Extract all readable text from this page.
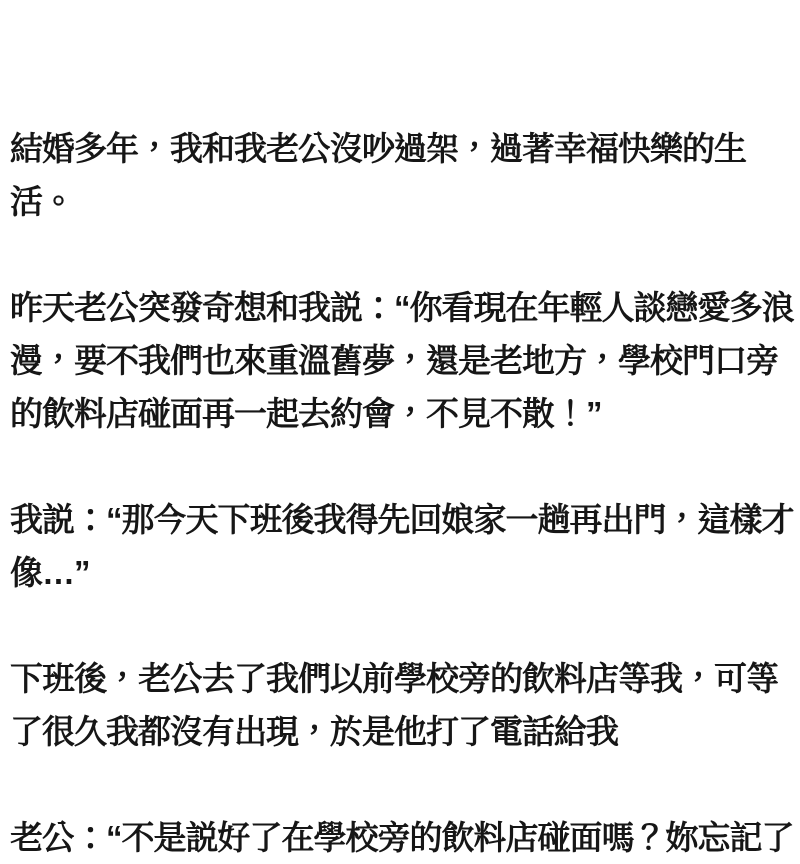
結婚多年，我和我老公沒吵過架，過著幸福快樂的生活。

昨天老公突發奇想和我説：“你看現在年輕人談戀愛多浪漫，要不我們也來重溫舊夢，還是老地方，學校門口旁的飲料店碰面再一起去約會，不見不散！”

我説：“那今天下班後我得先回娘家一趟再出門，這樣才像…”

下班後，老公去了我們以前學校旁的飲料店等我，可等了很久我都沒有出現，於是他打了電話給我

老公：“不是説好了在學校旁的飲料店碰面嗎？妳忘記了
